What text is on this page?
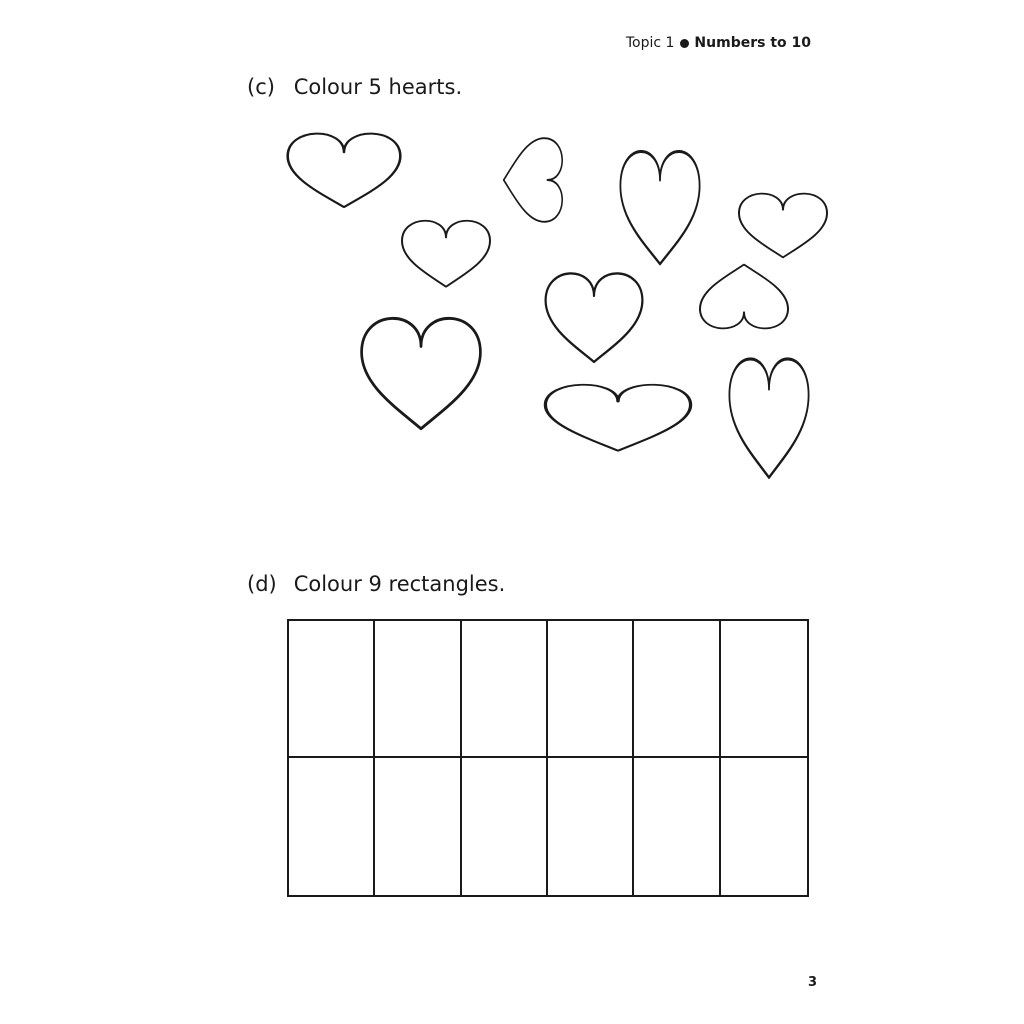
Topic 1 Numbers to 10
(c) Colour 5 hearts.
(d) Colour 9 rectangles.
3
